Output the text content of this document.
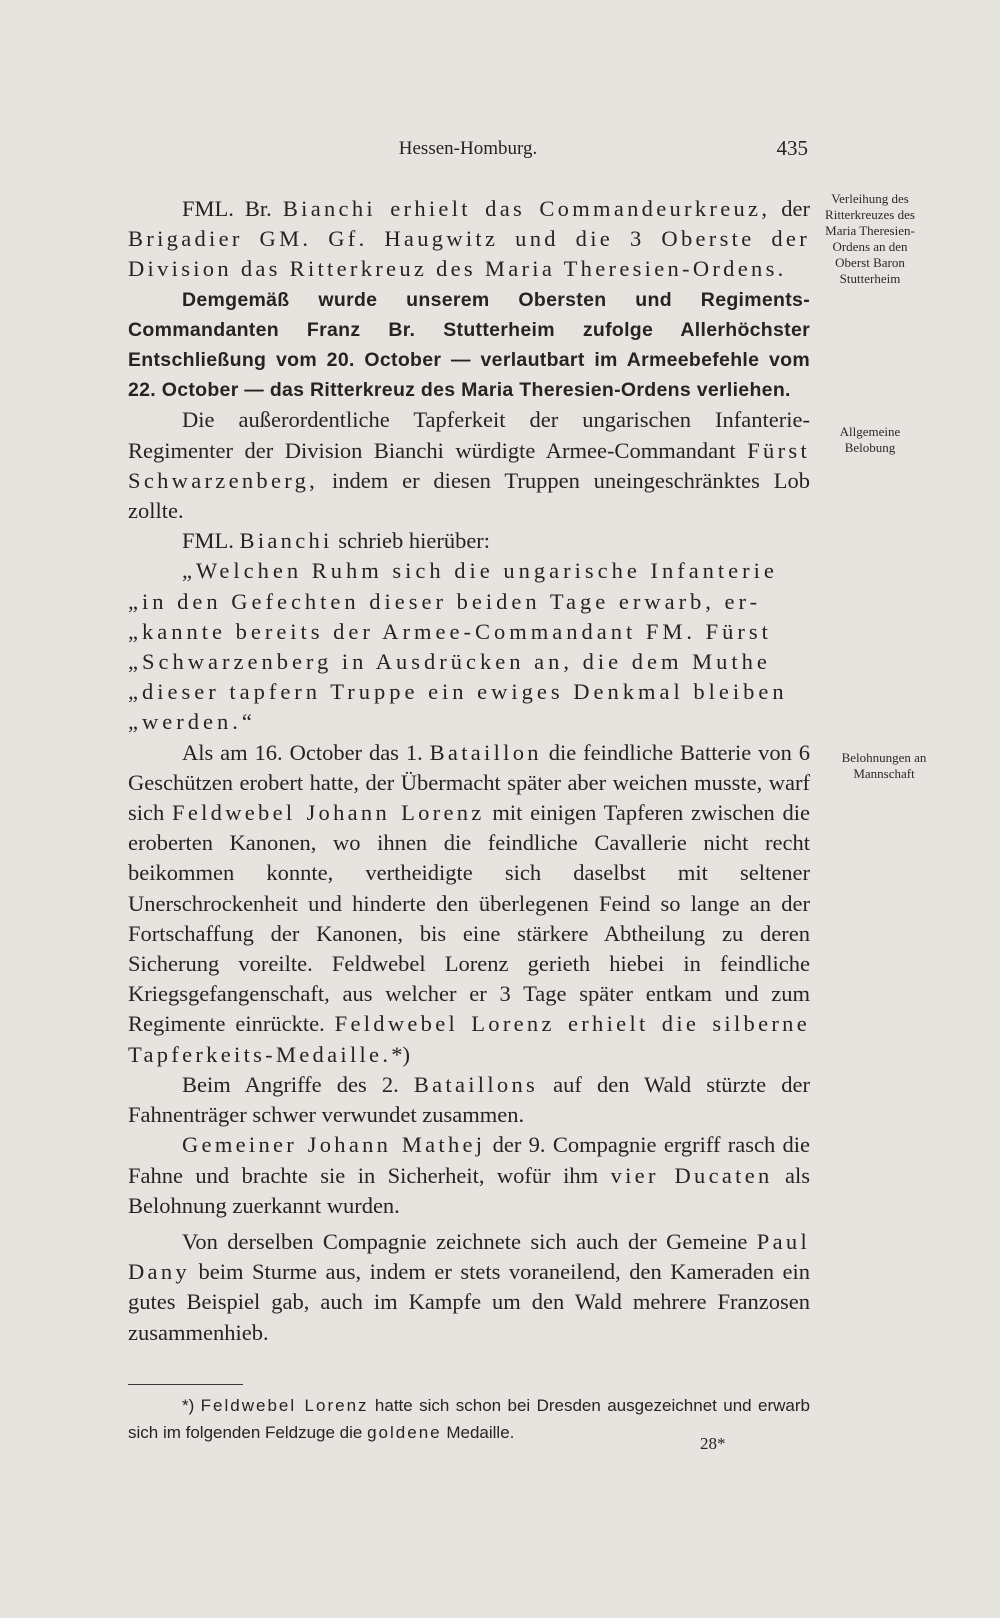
Hessen-Homburg.	435

FML. Br. Bianchi erhielt das Commandeurkreuz, der Brigadier GM. Gf. Haugwitz und die 3 Oberste der Division das Ritterkreuz des Maria Theresien-Ordens.

Demgemäß wurde unserem Obersten und Regiments-Commandanten Franz Br. Stutterheim zufolge Allerhöchster Entschließung vom 20. October — verlautbart im Armeebefehle vom 22. October — das Ritterkreuz des Maria Theresien-Ordens verliehen.

Die außerordentliche Tapferkeit der ungarischen Infanterie-Regimenter der Division Bianchi würdigte Armee-Commandant Fürst Schwarzenberg, indem er diesen Truppen uneingeschränktes Lob zollte.

FML. Bianchi schrieb hierüber:

„Welchen Ruhm sich die ungarische Infanterie

„in den Gefechten dieser beiden Tage erwarb, er-

„kannte bereits der Armee-Commandant FM. Fürst

„Schwarzenberg in Ausdrücken an, die dem Muthe

„dieser tapfern Truppe ein ewiges Denkmal bleiben

„werden.“

Als am 16. October das 1. Bataillon die feindliche Batterie von 6 Geschützen erobert hatte, der Übermacht später aber weichen musste, warf sich Feldwebel Johann Lorenz mit einigen Tapferen zwischen die eroberten Kanonen, wo ihnen die feindliche Cavallerie nicht recht beikommen konnte, vertheidigte sich daselbst mit seltener Unerschrockenheit und hinderte den überlegenen Feind so lange an der Fortschaffung der Kanonen, bis eine stärkere Abtheilung zu deren Sicherung voreilte. Feldwebel Lorenz gerieth hiebei in feindliche Kriegsgefangenschaft, aus welcher er 3 Tage später entkam und zum Regimente einrückte. Feldwebel Lorenz erhielt die silberne Tapferkeits-Medaille.*)

Beim Angriffe des 2. Bataillons auf den Wald stürzte der Fahnenträger schwer verwundet zusammen.

Gemeiner Johann Mathej der 9. Compagnie ergriff rasch die Fahne und brachte sie in Sicherheit, wofür ihm vier Ducaten als Belohnung zuerkannt wurden.

Von derselben Compagnie zeichnete sich auch der Gemeine Paul Dany beim Sturme aus, indem er stets voraneilend, den Kameraden ein gutes Beispiel gab, auch im Kampfe um den Wald mehrere Franzosen zusammenhieb.

Verleihung des Ritterkreuzes des Maria Theresien-Ordens an den Oberst Baron Stutterheim
Allgemeine Belobung
Belohnungen an Mannschaft
*) Feldwebel Lorenz hatte sich schon bei Dresden ausgezeichnet und erwarb sich im folgenden Feldzuge die goldene Medaille.
28*
